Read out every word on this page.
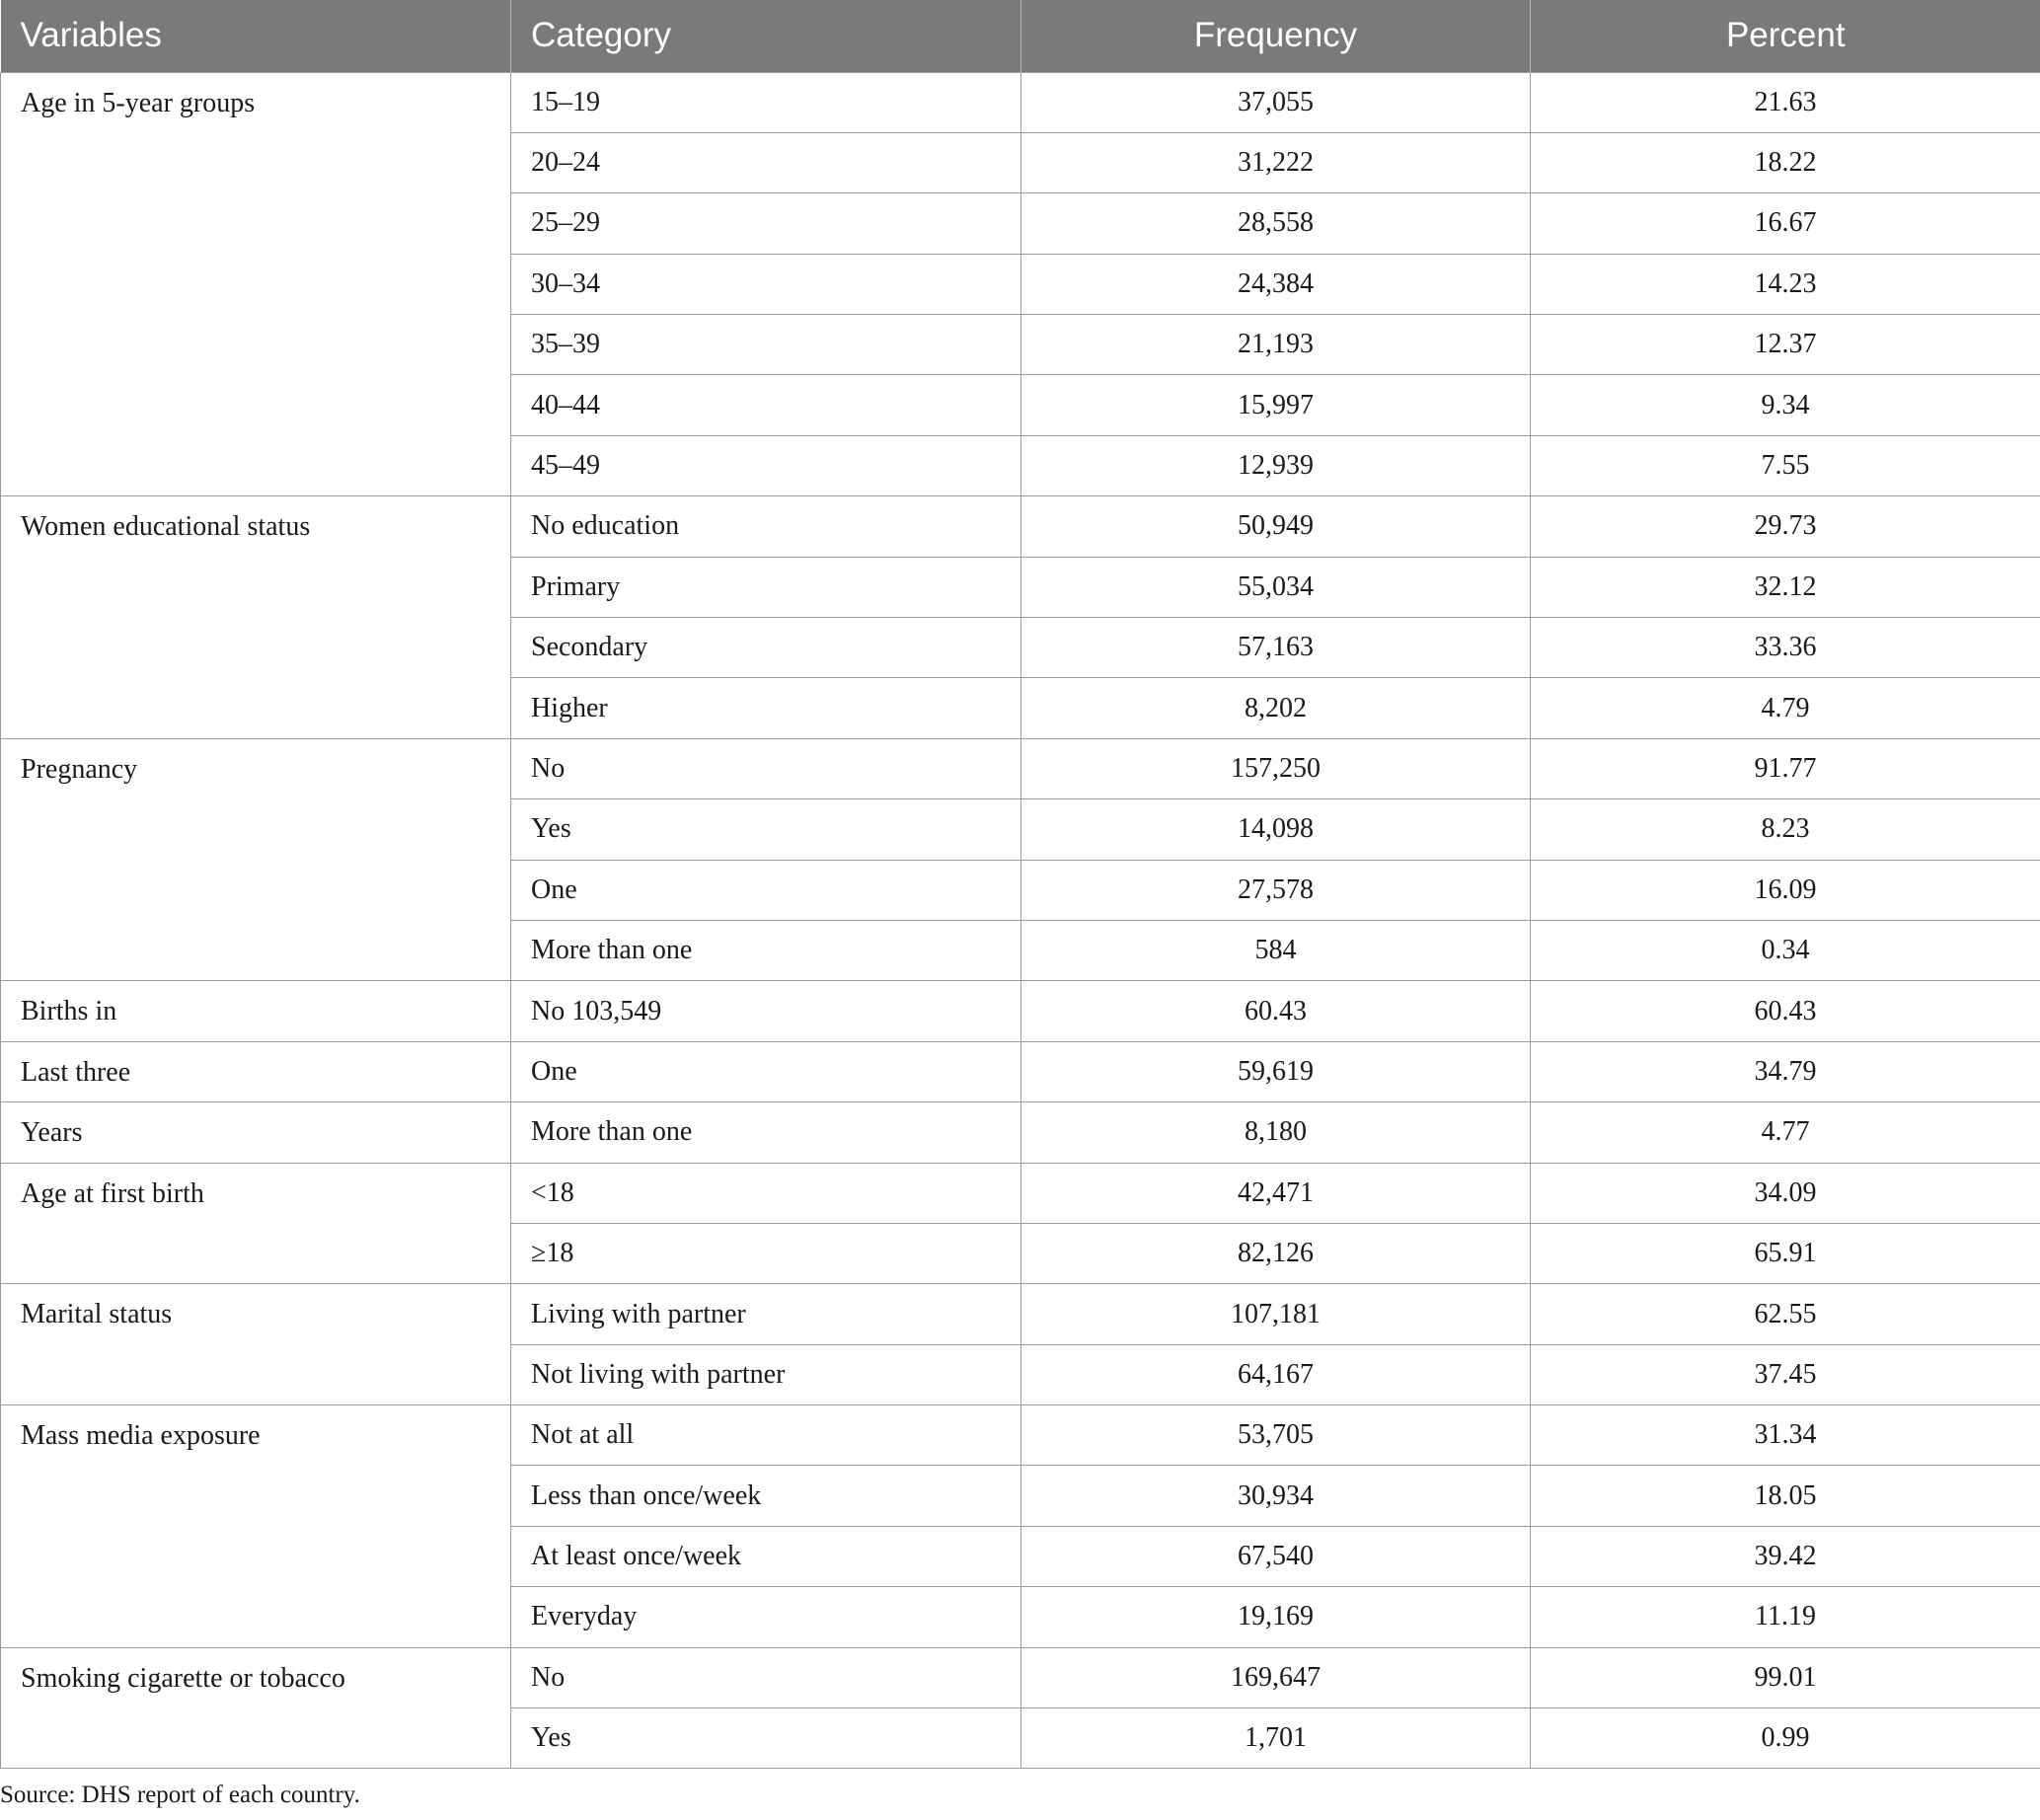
Variables	Category	Frequency	Percent
Age in 5-year groups	15–19	37,055	21.63
	20–24	31,222	18.22
	25–29	28,558	16.67
	30–34	24,384	14.23
	35–39	21,193	12.37
	40–44	15,997	9.34
	45–49	12,939	7.55
Women educational status	No education	50,949	29.73
	Primary	55,034	32.12
	Secondary	57,163	33.36
	Higher	8,202	4.79
Pregnancy	No	157,250	91.77
	Yes	14,098	8.23
	One	27,578	16.09
	More than one	584	0.34
Births in	No 103,549	60.43	60.43
Last three	One	59,619	34.79
Years	More than one	8,180	4.77
Age at first birth	<18	42,471	34.09
	≥18	82,126	65.91
Marital status	Living with partner	107,181	62.55
	Not living with partner	64,167	37.45
Mass media exposure	Not at all	53,705	31.34
	Less than once/week	30,934	18.05
	At least once/week	67,540	39.42
	Everyday	19,169	11.19
Smoking cigarette or tobacco	No	169,647	99.01
	Yes	1,701	0.99
Source: DHS report of each country.
